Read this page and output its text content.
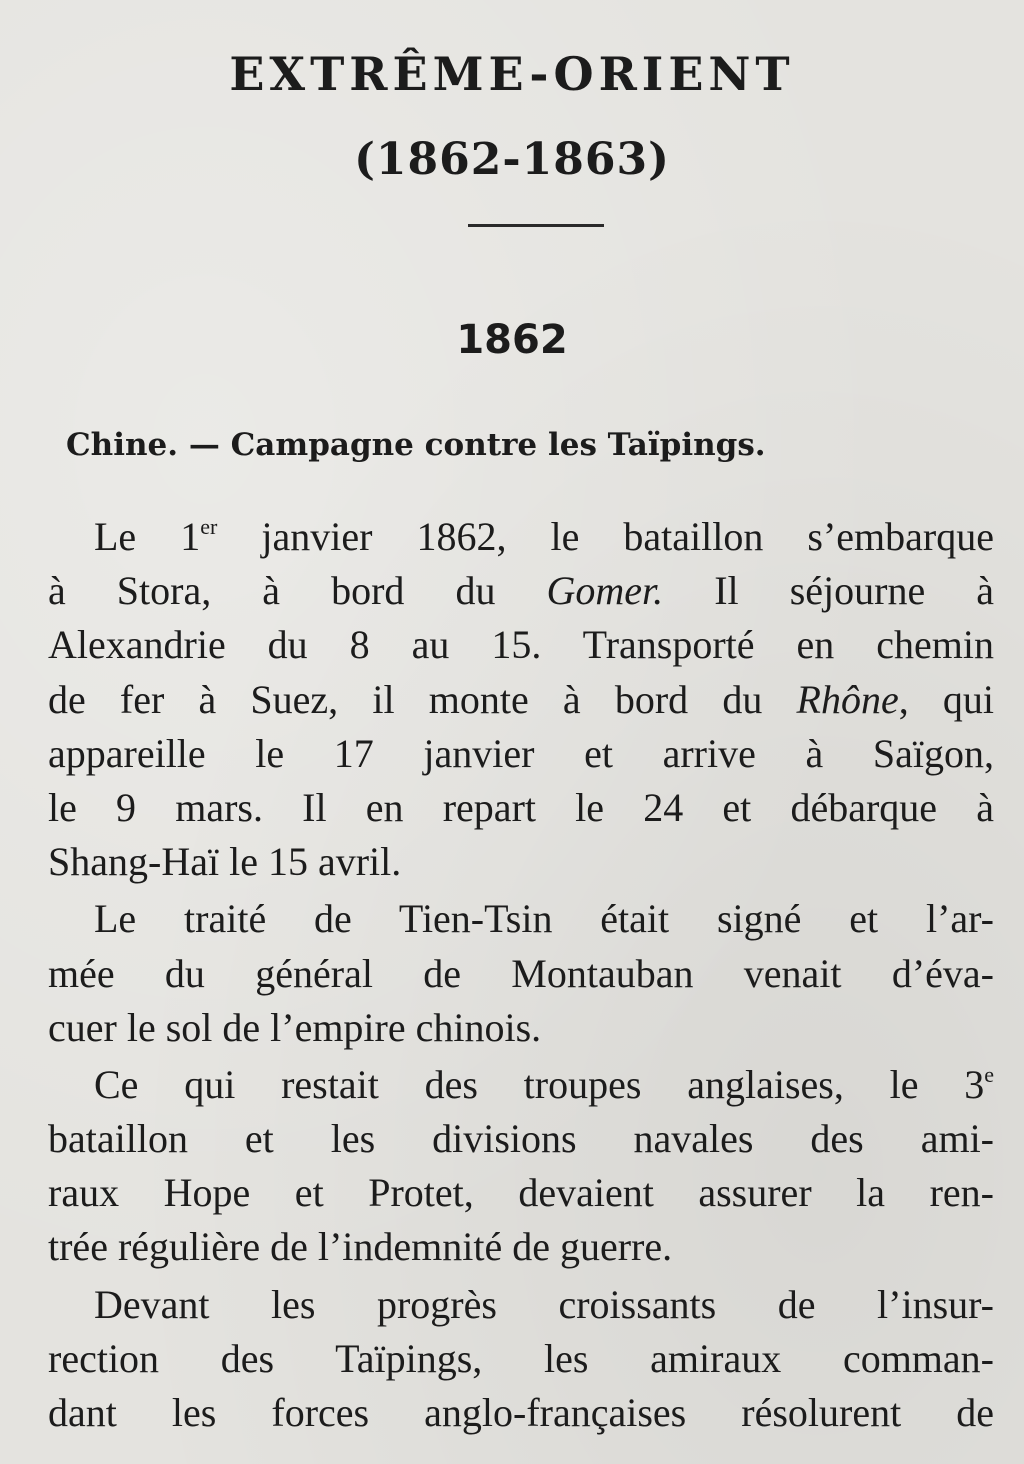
EXTRÊME-ORIENT
(1862-1863)
1862
Chine. — Campagne contre les Taïpings.
Le 1er janvier 1862, le bataillon s’embarque
à Stora, à bord du Gomer. Il séjourne à
Alexandrie du 8 au 15. Transporté en chemin
de fer à Suez, il monte à bord du Rhône, qui
appareille le 17 janvier et arrive à Saïgon,
le 9 mars. Il en repart le 24 et débarque à
Shang-Haï le 15 avril.
Le traité de Tien-Tsin était signé et l’ar-
mée du général de Montauban venait d’éva-
cuer le sol de l’empire chinois.
Ce qui restait des troupes anglaises, le 3e
bataillon et les divisions navales des ami-
raux Hope et Protet, devaient assurer la ren-
trée régulière de l’indemnité de guerre.
Devant les progrès croissants de l’insur-
rection des Taïpings, les amiraux comman-
dant les forces anglo-françaises résolurent de
